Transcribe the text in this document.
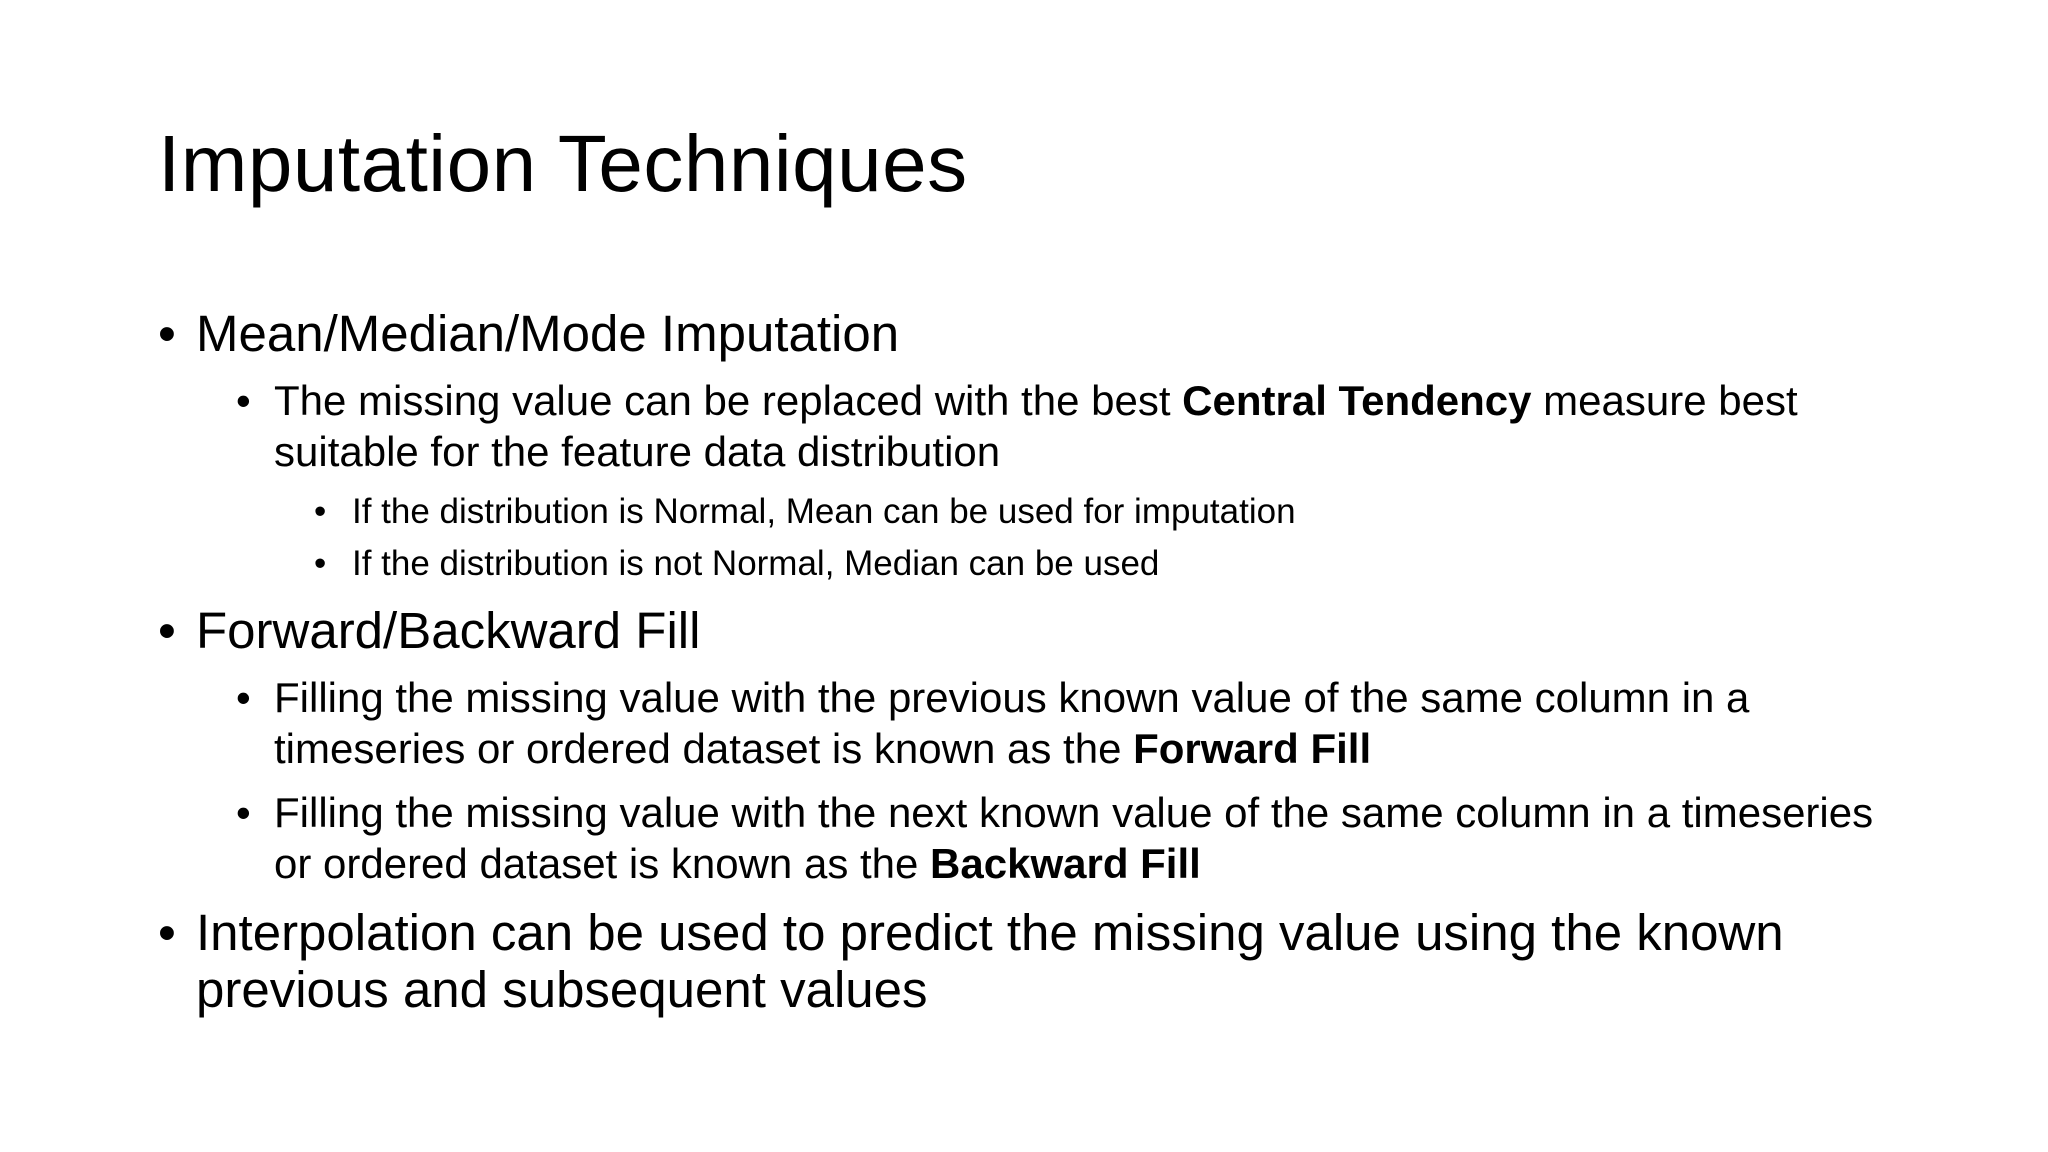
Imputation Techniques
• Mean/Median/Mode Imputation
• The missing value can be replaced with the best Central Tendency measure best suitable for the feature data distribution
• If the distribution is Normal, Mean can be used for imputation
• If the distribution is not Normal, Median can be used
• Forward/Backward Fill
• Filling the missing value with the previous known value of the same column in a timeseries or ordered dataset is known as the Forward Fill
• Filling the missing value with the next known value of the same column in a timeseries or ordered dataset is known as the Backward Fill
• Interpolation can be used to predict the missing value using the known previous and subsequent values
